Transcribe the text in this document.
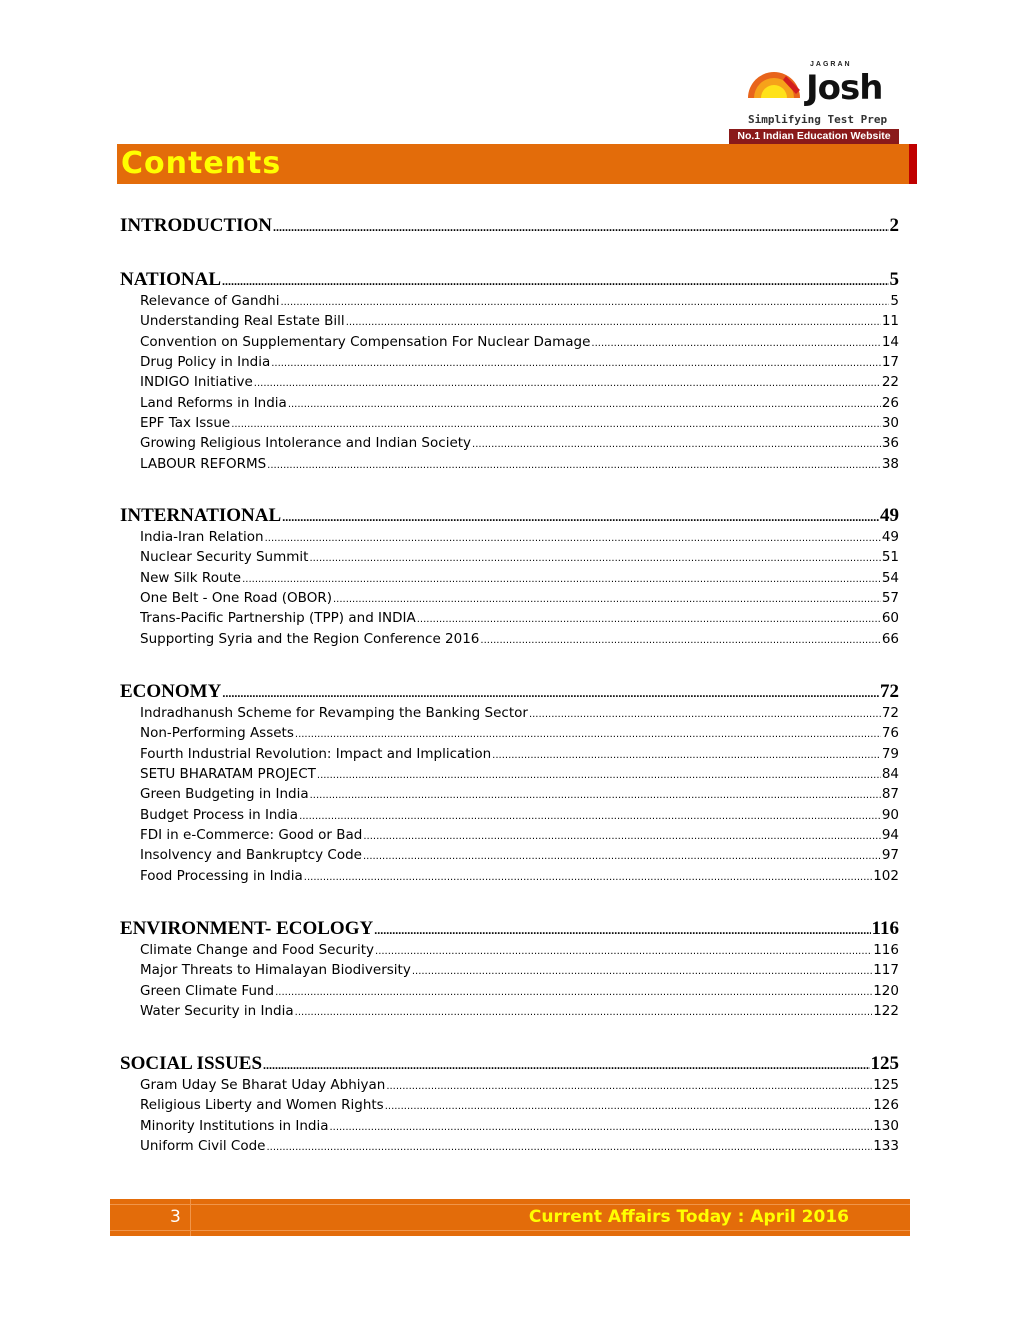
JAGRAN
Josh
Simplifying Test Prep
No.1 Indian Education Website
Contents
INTRODUCTION .....	2
NATIONAL .....	5
Relevance of Gandhi .....	5
Understanding Real Estate Bill .....	11
Convention on Supplementary Compensation For Nuclear Damage .....	14
Drug Policy in India .....	17
INDIGO Initiative .....	22
Land Reforms in India .....	26
EPF Tax Issue .....	30
Growing Religious Intolerance and Indian Society .....	36
LABOUR REFORMS .....	38
INTERNATIONAL .....	49
India-Iran Relation .....	49
Nuclear Security Summit .....	51
New Silk Route .....	54
One Belt - One Road (OBOR) .....	57
Trans-Pacific Partnership (TPP) and INDIA .....	60
Supporting Syria and the Region Conference 2016 .....	66
ECONOMY .....	72
Indradhanush Scheme for Revamping the Banking Sector .....	72
Non-Performing Assets .....	76
Fourth Industrial Revolution: Impact and Implication .....	79
SETU BHARATAM PROJECT .....	84
Green Budgeting in India .....	87
Budget Process in India .....	90
FDI in e-Commerce: Good or Bad .....	94
Insolvency and Bankruptcy Code .....	97
Food Processing in India .....	102
ENVIRONMENT- ECOLOGY .....	116
Climate Change and Food Security .....	116
Major Threats to Himalayan Biodiversity .....	117
Green Climate Fund .....	120
Water Security in India .....	122
SOCIAL ISSUES .....	125
Gram Uday Se Bharat Uday Abhiyan .....	125
Religious Liberty and Women Rights .....	126
Minority Institutions in India .....	130
Uniform Civil Code .....	133
3	Current Affairs Today : April 2016
